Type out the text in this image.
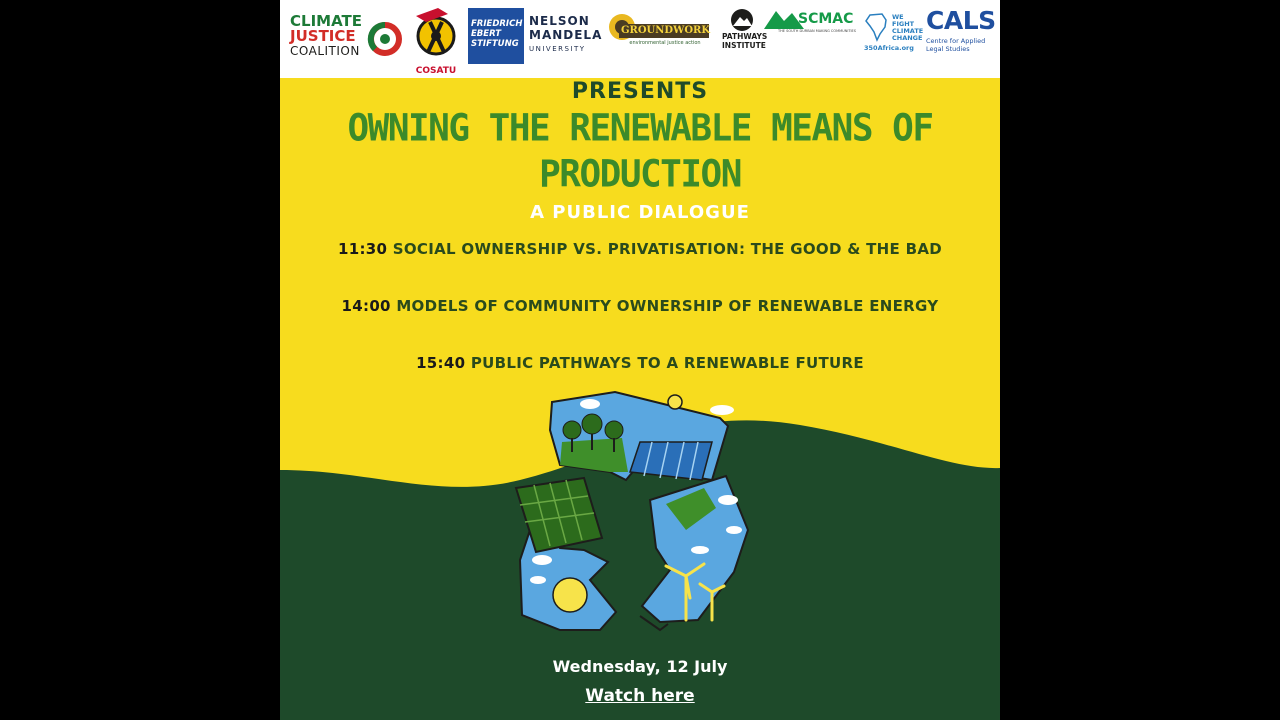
CLIMATE
JUSTICE
COALITION
COSATU
FRIEDRICH
EBERT
STIFTUNG
NELSON
MANDELA
UNIVERSITY
GROUNDWORK
environmental justice action
PATHWAYS
INSTITUTE
SCMAC
THE SOUTH DURBAN MAKING COMMUNITIES
WE
FIGHT
CLIMATE
CHANGE
350Africa.org
CALS
Centre for Applied
Legal Studies
PRESENTS
OWNING THE RENEWABLE MEANS OF PRODUCTION
A PUBLIC DIALOGUE
11:30 SOCIAL OWNERSHIP VS. PRIVATISATION: THE GOOD & THE BAD
14:00 MODELS OF COMMUNITY OWNERSHIP OF RENEWABLE ENERGY
15:40 PUBLIC PATHWAYS TO A RENEWABLE FUTURE
Wednesday, 12 July
Watch here
